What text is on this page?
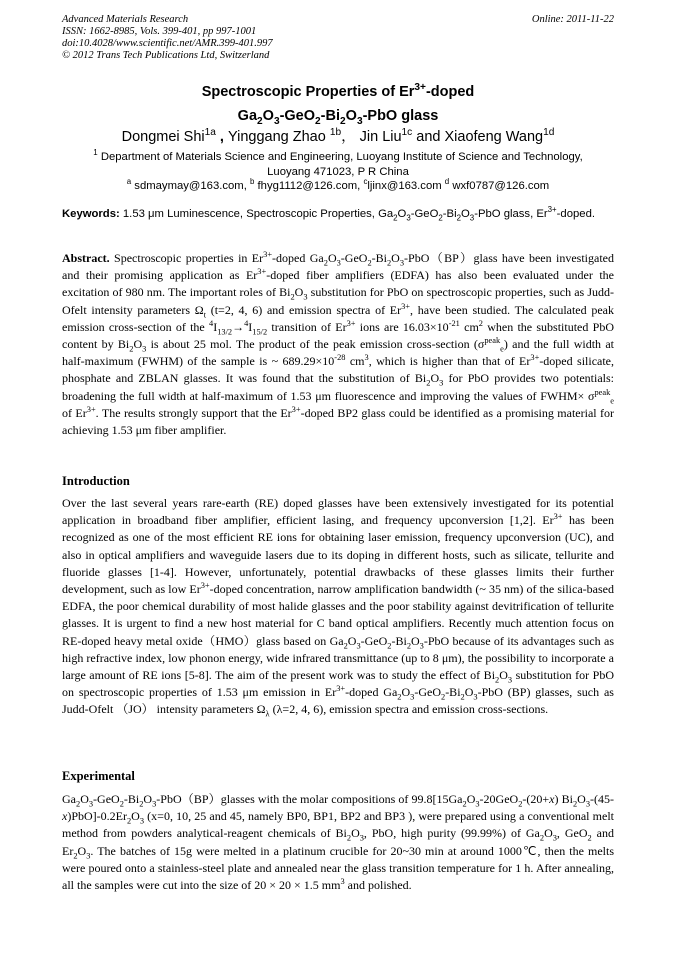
Advanced Materials Research
ISSN: 1662-8985, Vols. 399-401, pp 997-1001
doi:10.4028/www.scientific.net/AMR.399-401.997
© 2012 Trans Tech Publications Ltd, Switzerland
Online: 2011-11-22
Spectroscopic Properties of $Er^{3+}$-doped
$Ga_2O_3-GeO_2-Bi_2O_3$-PbO glass
Dongmei Shi$^{1a}$ , Yinggang Zhao $^{1b}$， Jin Liu$^{1c}$ and Xiaofeng Wang$^{1d}$
$^1$ Department of Materials Science and Engineering, Luoyang Institute of Science and Technology,
Luoyang 471023, P R China
$^a$ sdmaymay@163.com, $^b$ fhyg1112@126.com, $^c$ljinx@163.com $^d$ wxf0787@126.com
Keywords: 1.53 μm Luminescence, Spectroscopic Properties, $Ga_2O_3-GeO_2-Bi_2O_3$-PbO glass, $Er^{3+}$-doped.
Abstract. Spectroscopic properties in $Er^{3+}$-doped $Ga_2O_3-GeO_2-Bi_2O_3-PbO(BP)glass$ have been investigated and their promising application as $Er^{3+}$-doped fiber amplifiers (EDFA) has also been evaluated under the excitation of 980 nm. The important roles of $Bi_2O_3$ substitution for PbO on spectroscopic properties, such as Judd-Ofelt intensity parameters $\Omega_t$ (t=2, 4, 6) and emission spectra of $Er^{3+}$, have been studied. The calculated peak emission cross-section of the $^4I_{13/2}\to^4I_{15/2}$ transition of $Er^{3+}$ ions are $16.03\times 10^{-21}$ $cm^2$ when the substituted PbO content by $Bi_2O_3$ is about 25 mol. The product of the peak emission cross-section $(\sigma^{peak}_e)$ and the full width at half-maximum (FWHM) of the sample is ~ $689.29\times 10^{-28}$ $cm^3$, which is higher than that of $Er^{3+}$-doped silicate, phosphate and ZBLAN glasses. It was found that the substitution of $Bi_2O_3$ for PbO provides two potentials: broadening the full width at half-maximum of 1.53 μm fluorescence and improving the values of FWHM× $\sigma^{peak}_e$ of $Er^{3+}$. The results strongly support that the $Er^{3+}$-doped BP2 glass could be identified as a promising material for achieving 1.53 μm fiber amplifier.
Introduction
Over the last several years rare-earth (RE) doped glasses have been extensively investigated for its potential application in broadband fiber amplifier, efficient lasing, and frequency upconversion [1,2]. $Er^{3+}$ has been recognized as one of the most efficient RE ions for obtaining laser emission, frequency upconversion (UC), and also in optical amplifiers and waveguide lasers due to its doping in different hosts, such as silicate, tellurite and fluoride glasses [1-4]. However, unfortunately, potential drawbacks of these glasses limits their further development, such as low $Er^{3+}$-doped concentration, narrow amplification bandwidth (~ 35 nm) of the silica-based EDFA, the poor chemical durability of most halide glasses and the poor stability against devitrification of tellurite glasses. It is urgent to find a new host material for C band optical amplifiers. Recently much attention focus on RE-doped heavy metal oxide（HMO）glass based on $Ga_2O_3-GeO_2-Bi_2O_3$-PbO because of its advantages such as high refractive index, low phonon energy, wide infrared transmittance (up to 8 μm), the possibility to incorporate a large amount of RE ions [5-8]. The aim of the present work was to study the effect of $Bi_2O_3$ substitution for PbO on spectroscopic properties of 1.53 μm emission in $Er^{3+}$-doped $Ga_2O_3-GeO_2-Bi_2O_3$-PbO (BP) glasses, such as Judd-Ofelt （JO） intensity parameters $\Omega_\lambda$ (λ=2, 4, 6), emission spectra and emission cross-sections.
Experimental
$Ga_2O_3-GeO_2-Bi_2O_3-PbO(BP)glasses$ with the molar compositions of $99.8[15Ga_2O_3-20GeO_2-(20+x)$ $Bi_2O_3-(45-x)PbO]-0.2Er_2O_3$ (x=0, 10, 25 and 45, namely BP0, BP1, BP2 and BP3 ), were prepared using a conventional melt method from powders analytical-reagent chemicals of $Bi_2O_3$, PbO, high purity (99.99%) of $Ga_2O_3$, GeO$_2$ and $Er_2O_3$. The batches of 15g were melted in a platinum crucible for 20~30 min at around 1000℃, then the melts were poured onto a stainless-steel plate and annealed near the glass transition temperature for 1 h. After annealing, all the samples were cut into the size of 20 × 20 × 1.5 $mm^3$ and polished.
